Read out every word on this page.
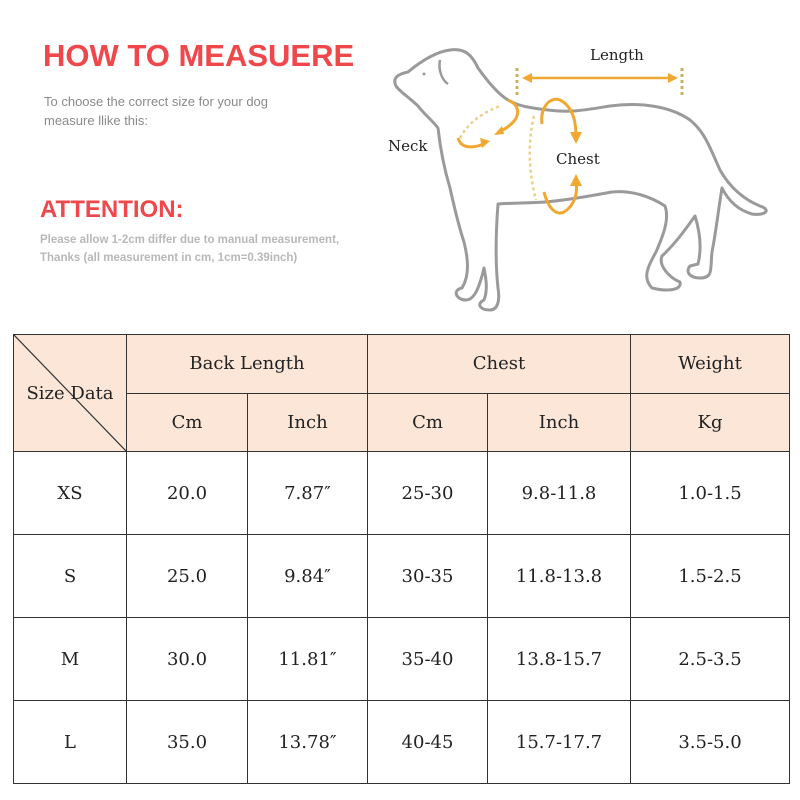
HOW TO MEASUERE
To choose the correct size for your dog
measure llike this:
ATTENTION:
Please allow 1-2cm differ due to manual measurement,
Thanks (all measurement in cm, 1cm=0.39inch)
Length
Neck
Chest
Size Data	Back Length		Chest		Weight
	Cm	Inch	Cm	Inch	Kg
XS	20.0	7.87″	25-30	9.8-11.8	1.0-1.5
S	25.0	9.84″	30-35	11.8-13.8	1.5-2.5
M	30.0	11.81″	35-40	13.8-15.7	2.5-3.5
L	35.0	13.78″	40-45	15.7-17.7	3.5-5.0
